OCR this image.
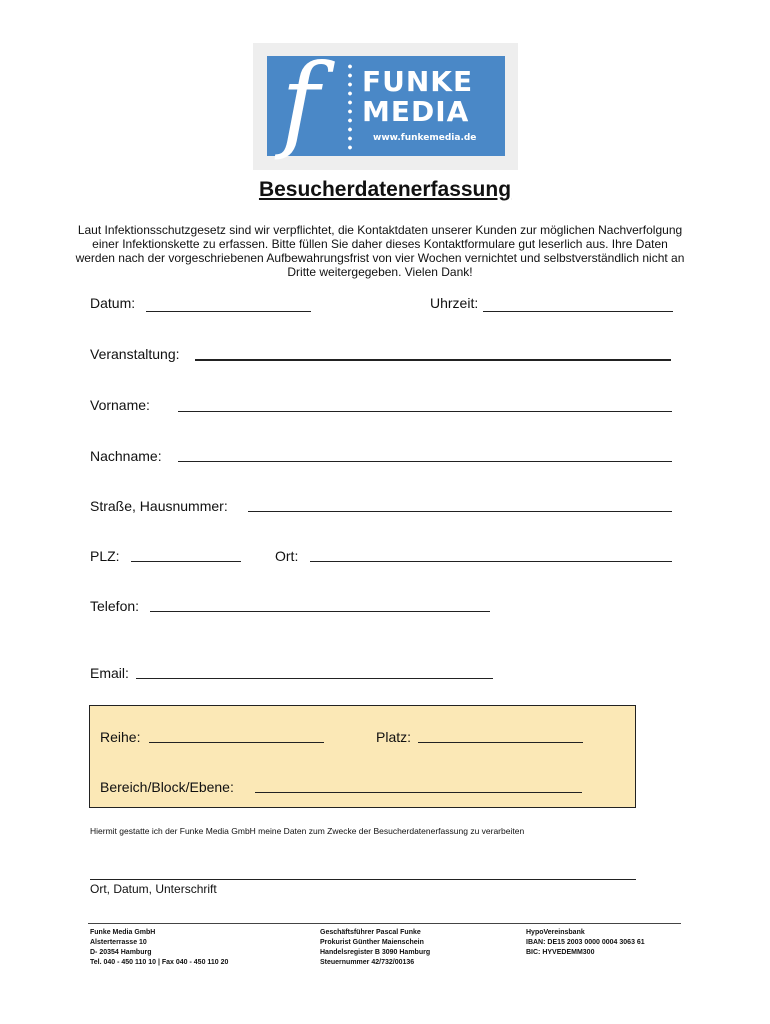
f FUNKE
MEDIA
www.funkemedia.de
Besucherdatenerfassung
Laut Infektionsschutzgesetz sind wir verpflichtet, die Kontaktdaten unserer Kunden zur möglichen Nachverfolgung einer Infektionskette zu erfassen. Bitte füllen Sie daher dieses Kontaktformulare gut leserlich aus. Ihre Daten werden nach der vorgeschriebenen Aufbewahrungsfrist von vier Wochen vernichtet und selbstverständlich nicht an Dritte weitergegeben. Vielen Dank!
Datum:	Uhrzeit:
Veranstaltung:
Vorname:
Nachname:
Straße, Hausnummer:
PLZ:	Ort:
Telefon:
Email:
Reihe:	Platz:
Bereich/Block/Ebene:
Hiermit gestatte ich der Funke Media GmbH meine Daten zum Zwecke der Besucherdatenerfassung zu verarbeiten
Ort, Datum, Unterschrift
Funke Media GmbH
Alsterterrasse 10
D- 20354 Hamburg
Tel. 040 - 450 110 10 | Fax 040 - 450 110 20
Geschäftsführer Pascal Funke
Prokurist Günther Maienschein
Handelsregister B 3090 Hamburg
Steuernummer 42/732/00136
HypoVereinsbank
IBAN: DE15 2003 0000 0004 3063 61
BIC: HYVEDEMM300
